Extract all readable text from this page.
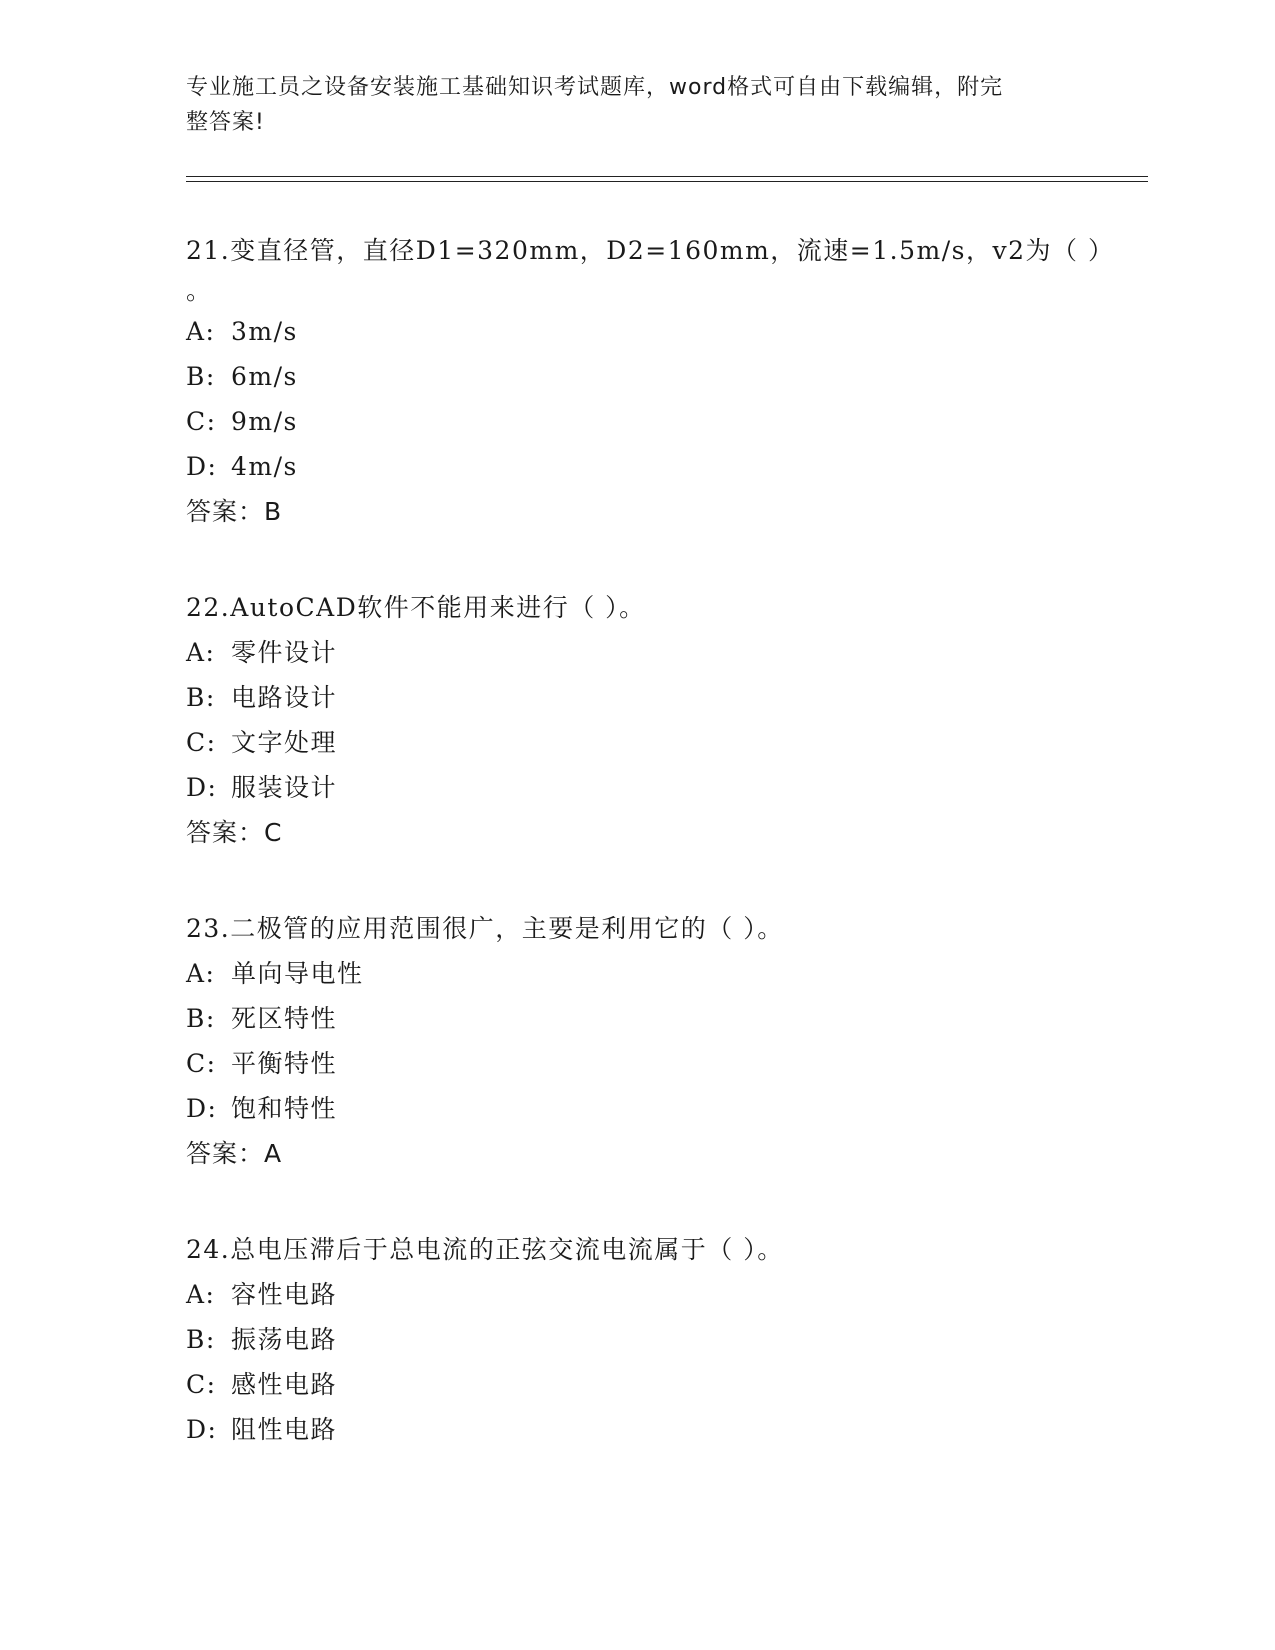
专业施工员之设备安装施工基础知识考试题库，word格式可自由下载编辑，附完
整答案!

21.变直径管，直径D1=320mm，D2=160mm，流速=1.5m/s，v2为（ ）

。

A: 3m/s

B: 6m/s

C: 9m/s

D: 4m/s

答案：B

22.AutoCAD软件不能用来进行（ ）。

A: 零件设计

B: 电路设计

C: 文字处理

D: 服装设计

答案：C

23.二极管的应用范围很广，主要是利用它的（ ）。

A: 单向导电性

B: 死区特性

C: 平衡特性

D: 饱和特性

答案：A

24.总电压滞后于总电流的正弦交流电流属于（ ）。

A: 容性电路

B: 振荡电路

C: 感性电路

D: 阻性电路
